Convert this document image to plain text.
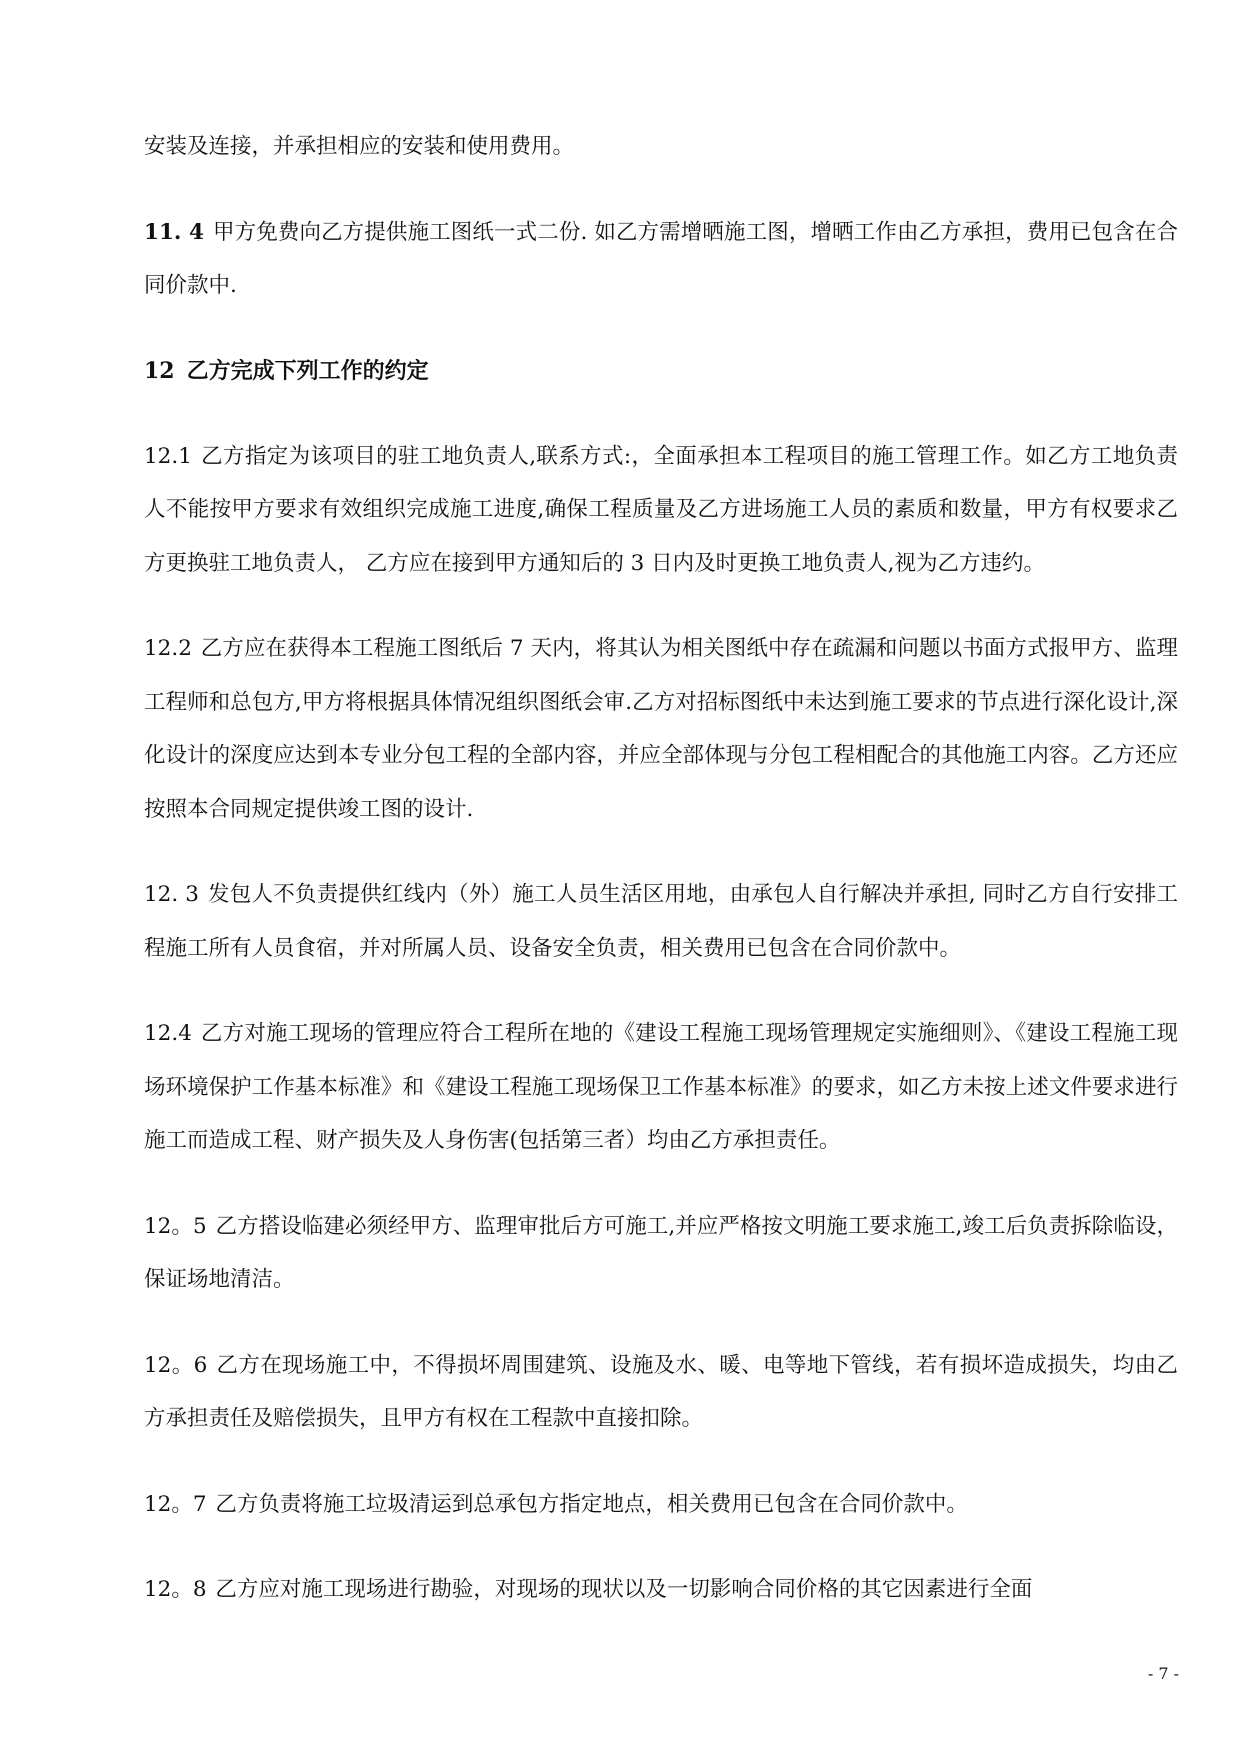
安装及连接，并承担相应的安装和使用费用。

11. 4 甲方免费向乙方提供施工图纸一式二份. 如乙方需增晒施工图，增晒工作由乙方承担，费用已包含在合同价款中.

12 乙方完成下列工作的约定

12.1 乙方指定为该项目的驻工地负责人,联系方式:，全面承担本工程项目的施工管理工作。如乙方工地负责人不能按甲方要求有效组织完成施工进度,确保工程质量及乙方进场施工人员的素质和数量，甲方有权要求乙方更换驻工地负责人， 乙方应在接到甲方通知后的 3 日内及时更换工地负责人,视为乙方违约。

12.2 乙方应在获得本工程施工图纸后 7 天内，将其认为相关图纸中存在疏漏和问题以书面方式报甲方、监理工程师和总包方,甲方将根据具体情况组织图纸会审.乙方对招标图纸中未达到施工要求的节点进行深化设计,深化设计的深度应达到本专业分包工程的全部内容，并应全部体现与分包工程相配合的其他施工内容。乙方还应按照本合同规定提供竣工图的设计.

12. 3 发包人不负责提供红线内（外）施工人员生活区用地，由承包人自行解决并承担, 同时乙方自行安排工程施工所有人员食宿，并对所属人员、设备安全负责，相关费用已包含在合同价款中。

12.4 乙方对施工现场的管理应符合工程所在地的《建设工程施工现场管理规定实施细则》、《建设工程施工现场环境保护工作基本标准》和《建设工程施工现场保卫工作基本标准》的要求，如乙方未按上述文件要求进行施工而造成工程、财产损失及人身伤害(包括第三者）均由乙方承担责任。

12。5 乙方搭设临建必须经甲方、监理审批后方可施工,并应严格按文明施工要求施工,竣工后负责拆除临设，保证场地清洁。

12。6 乙方在现场施工中，不得损坏周围建筑、设施及水、暖、电等地下管线，若有损坏造成损失，均由乙方承担责任及赔偿损失，且甲方有权在工程款中直接扣除。

12。7 乙方负责将施工垃圾清运到总承包方指定地点，相关费用已包含在合同价款中。

12。8 乙方应对施工现场进行勘验，对现场的现状以及一切影响合同价格的其它因素进行全面

- 7 -
